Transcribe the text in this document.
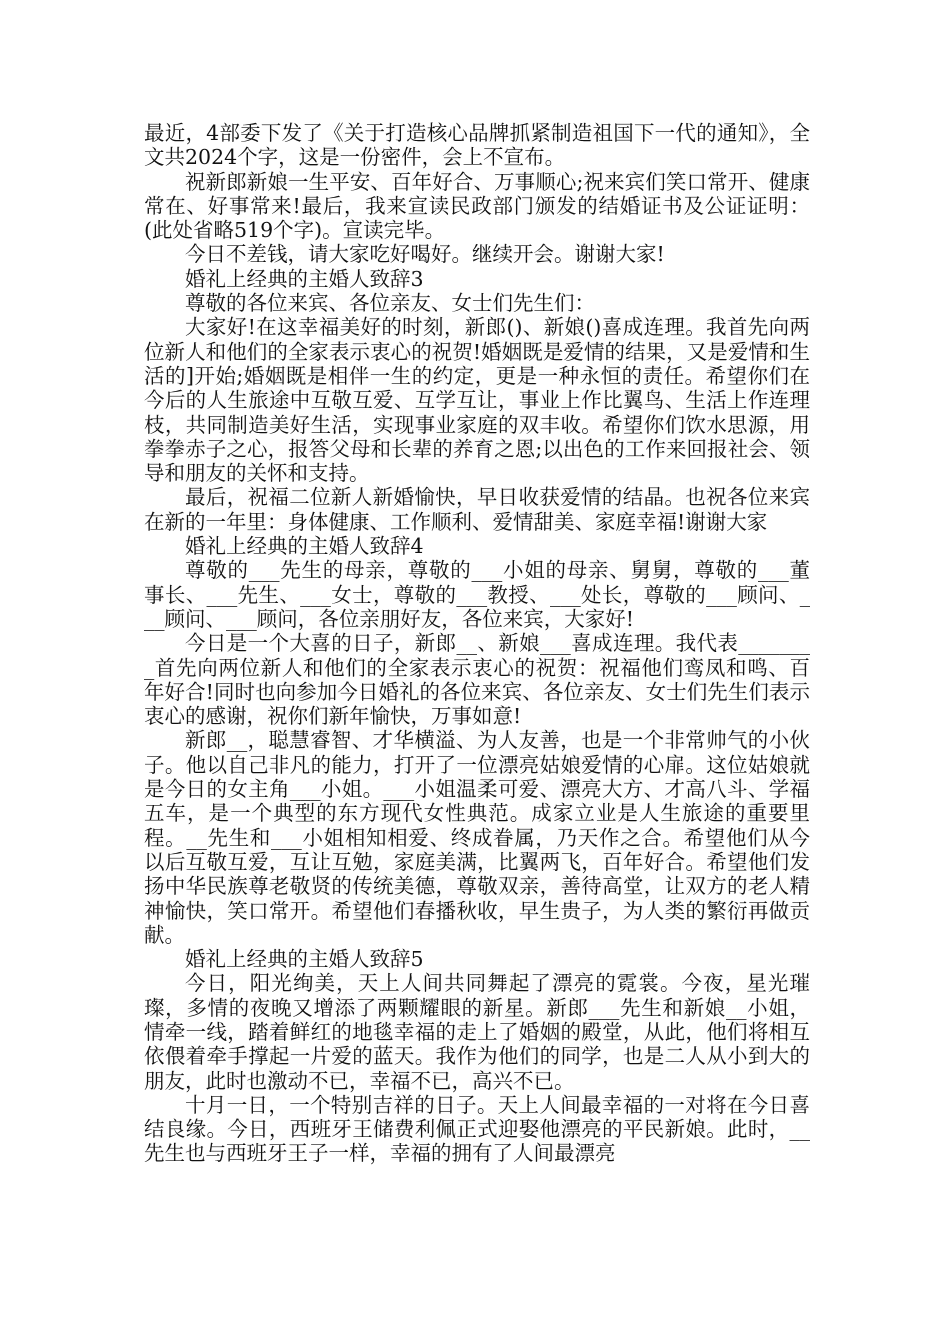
最近，4部委下发了《关于打造核心品牌抓紧制造祖国下一代的通知》，全文共2024个字，这是一份密件，会上不宣布。

祝新郎新娘一生平安、百年好合、万事顺心;祝来宾们笑口常开、健康常在、好事常来!最后，我来宣读民政部门颁发的结婚证书及公证证明：(此处省略519个字)。宣读完毕。

今日不差钱，请大家吃好喝好。继续开会。谢谢大家!

婚礼上经典的主婚人致辞3

尊敬的各位来宾、各位亲友、女士们先生们：

大家好!在这幸福美好的时刻，新郎()、新娘()喜成连理。我首先向两位新人和他们的全家表示衷心的祝贺!婚姻既是爱情的结果，又是爱情和生活的]开始;婚姻既是相伴一生的约定，更是一种永恒的责任。希望你们在今后的人生旅途中互敬互爱、互学互让，事业上作比翼鸟、生活上作连理枝，共同制造美好生活，实现事业家庭的双丰收。希望你们饮水思源，用拳拳赤子之心，报答父母和长辈的养育之恩;以出色的工作来回报社会、领导和朋友的关怀和支持。

最后，祝福二位新人新婚愉快，早日收获爱情的结晶。也祝各位来宾在新的一年里：身体健康、工作顺利、爱情甜美、家庭幸福!谢谢大家

婚礼上经典的主婚人致辞4

尊敬的___先生的母亲，尊敬的___小姐的母亲、舅舅，尊敬的___董事长、___先生、___女士，尊敬的___教授、___处长，尊敬的___顾问、___顾问、___顾问，各位亲朋好友，各位来宾，大家好!

今日是一个大喜的日子，新郎__、新娘___喜成连理。我代表________首先向两位新人和他们的全家表示衷心的祝贺：祝福他们鸾凤和鸣、百年好合!同时也向参加今日婚礼的各位来宾、各位亲友、女士们先生们表示衷心的感谢，祝你们新年愉快，万事如意!

新郎__，聪慧睿智、才华横溢、为人友善，也是一个非常帅气的小伙子。他以自己非凡的能力，打开了一位漂亮姑娘爱情的心扉。这位姑娘就是今日的女主角___小姐。___小姐温柔可爱、漂亮大方、才高八斗、学福五车，是一个典型的东方现代女性典范。成家立业是人生旅途的重要里程。__先生和___小姐相知相爱、终成眷属，乃天作之合。希望他们从今以后互敬互爱，互让互勉，家庭美满，比翼两飞，百年好合。希望他们发扬中华民族尊老敬贤的传统美德，尊敬双亲，善待高堂，让双方的老人精神愉快，笑口常开。希望他们春播秋收，早生贵子，为人类的繁衍再做贡献。

婚礼上经典的主婚人致辞5

今日，阳光绚美，天上人间共同舞起了漂亮的霓裳。今夜，星光璀璨，多情的夜晚又增添了两颗耀眼的新星。新郎___先生和新娘__小姐，情牵一线，踏着鲜红的地毯幸福的走上了婚姻的殿堂，从此，他们将相互依偎着牵手撑起一片爱的蓝天。我作为他们的同学，也是二人从小到大的朋友，此时也激动不已，幸福不已，高兴不已。

十月一日，一个特别吉祥的日子。天上人间最幸福的一对将在今日喜结良缘。今日，西班牙王储费利佩正式迎娶他漂亮的平民新娘。此时，__先生也与西班牙王子一样，幸福的拥有了人间最漂亮
